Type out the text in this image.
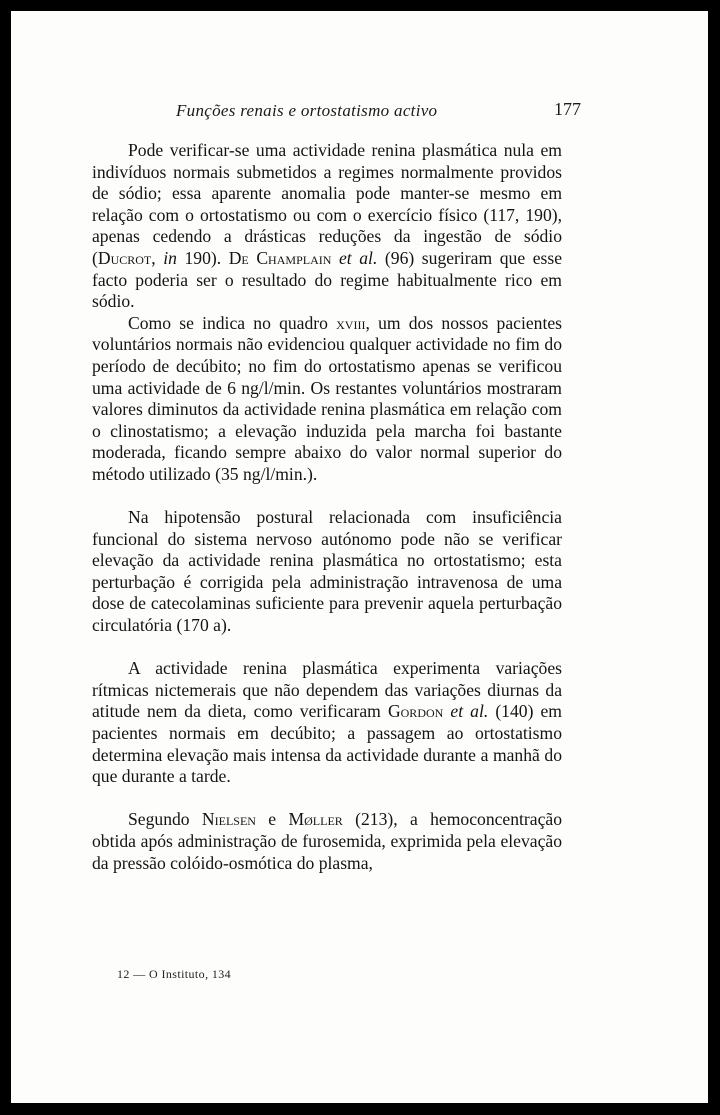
Funções renais e ortostatismo activo	177

Pode verificar-se uma actividade renina plasmática nula em indivíduos normais submetidos a regimes normalmente providos de sódio; essa aparente anomalia pode manter-se mesmo em relação com o ortostatismo ou com o exercício físico (117, 190), apenas cedendo a drásticas reduções da ingestão de sódio (Ducrot, in 190). De Champlain et al. (96) sugeriram que esse facto poderia ser o resultado do regime habitualmente rico em sódio.

Como se indica no quadro xviii, um dos nossos pacientes voluntários normais não evidenciou qualquer actividade no fim do período de decúbito; no fim do ortostatismo apenas se verificou uma actividade de 6 ng/l/min. Os restantes voluntários mostraram valores diminutos da actividade renina plasmática em relação com o clinostatismo; a elevação induzida pela marcha foi bastante moderada, ficando sempre abaixo do valor normal superior do método utilizado (35 ng/l/min.).

Na hipotensão postural relacionada com insuficiência funcional do sistema nervoso autónomo pode não se verificar elevação da actividade renina plasmática no ortostatismo; esta perturbação é corrigida pela administração intravenosa de uma dose de catecolaminas suficiente para prevenir aquela perturbação circulatória (170 a).

A actividade renina plasmática experimenta variações rítmicas nictemerais que não dependem das variações diurnas da atitude nem da dieta, como verificaram Gordon et al. (140) em pacientes normais em decúbito; a passagem ao ortostatismo determina elevação mais intensa da actividade durante a manhã do que durante a tarde.

Segundo Nielsen e Møller (213), a hemoconcentração obtida após administração de furosemida, exprimida pela elevação da pressão colóido-osmótica do plasma,

12 — O Instituto, 134
